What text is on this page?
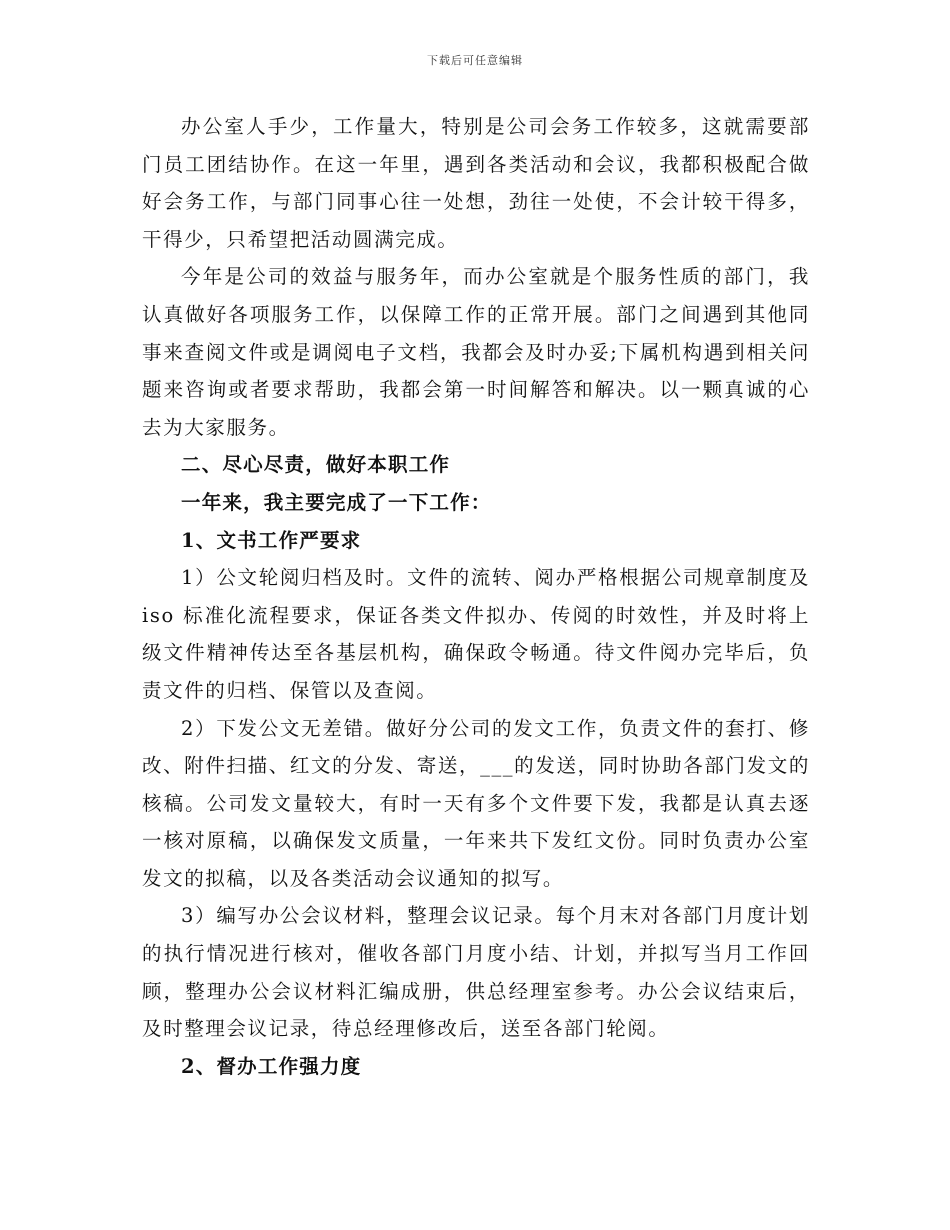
下载后可任意编辑

办公室人手少，工作量大，特别是公司会务工作较多，这就需要部门员工团结协作。在这一年里，遇到各类活动和会议，我都积极配合做好会务工作，与部门同事心往一处想，劲往一处使，不会计较干得多，干得少，只希望把活动圆满完成。

今年是公司的效益与服务年，而办公室就是个服务性质的部门，我认真做好各项服务工作，以保障工作的正常开展。部门之间遇到其他同事来查阅文件或是调阅电子文档，我都会及时办妥;下属机构遇到相关问题来咨询或者要求帮助，我都会第一时间解答和解决。以一颗真诚的心去为大家服务。

二、尽心尽责，做好本职工作

一年来，我主要完成了一下工作：

1、文书工作严要求

1）公文轮阅归档及时。文件的流转、阅办严格根据公司规章制度及 iso 标准化流程要求，保证各类文件拟办、传阅的时效性，并及时将上级文件精神传达至各基层机构，确保政令畅通。待文件阅办完毕后，负责文件的归档、保管以及查阅。

2）下发公文无差错。做好分公司的发文工作，负责文件的套打、修改、附件扫描、红文的分发、寄送，___的发送，同时协助各部门发文的核稿。公司发文量较大，有时一天有多个文件要下发，我都是认真去逐一核对原稿，以确保发文质量，一年来共下发红文份。同时负责办公室发文的拟稿，以及各类活动会议通知的拟写。

3）编写办公会议材料，整理会议记录。每个月末对各部门月度计划的执行情况进行核对，催收各部门月度小结、计划，并拟写当月工作回顾，整理办公会议材料汇编成册，供总经理室参考。办公会议结束后，及时整理会议记录，待总经理修改后，送至各部门轮阅。

2、督办工作强力度
